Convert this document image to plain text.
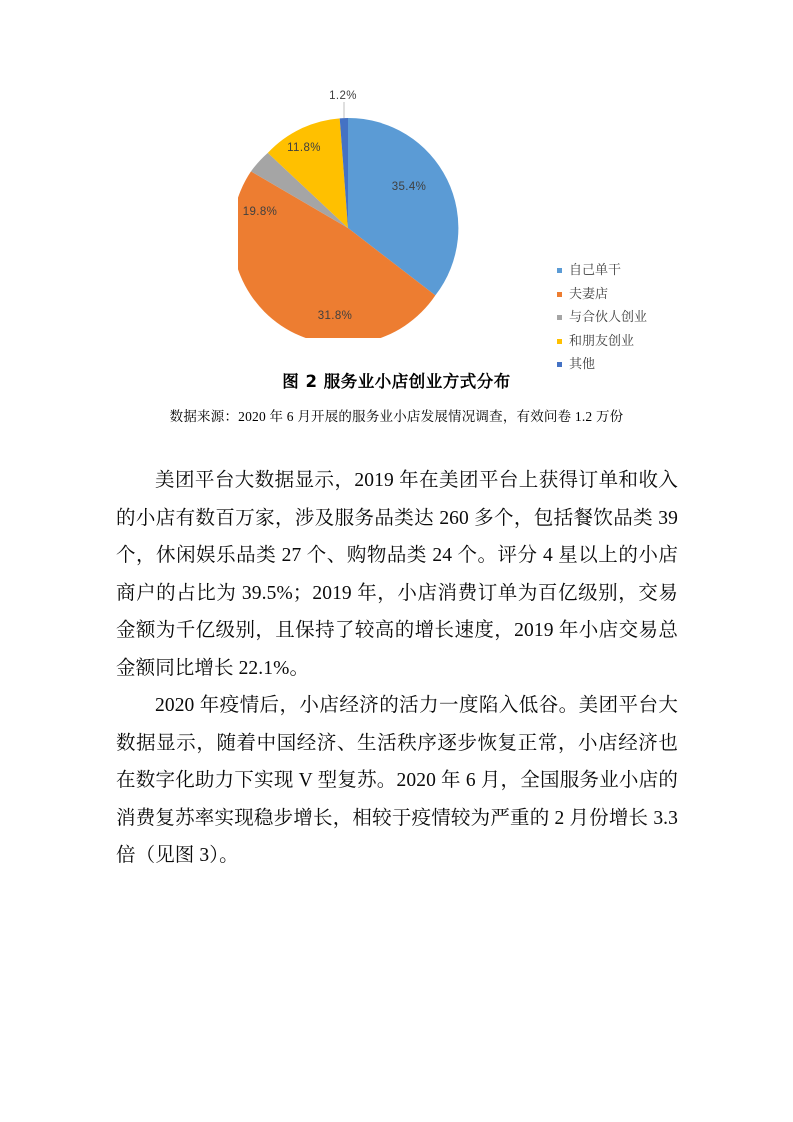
35.4%
31.8%
19.8%
11.8%
1.2%
自己单干
夫妻店
与合伙人创业
和朋友创业
其他
图 2 服务业小店创业方式分布
数据来源：2020 年 6 月开展的服务业小店发展情况调查，有效问卷 1.2 万份

美团平台大数据显示，2019 年在美团平台上获得订单和收入的小店有数百万家，涉及服务品类达 260 多个，包括餐饮品类 39 个，休闲娱乐品类 27 个、购物品类 24 个。评分 4 星以上的小店商户的占比为 39.5%；2019 年，小店消费订单为百亿级别，交易金额为千亿级别，且保持了较高的增长速度，2019 年小店交易总金额同比增长 22.1%。

2020 年疫情后，小店经济的活力一度陷入低谷。美团平台大数据显示，随着中国经济、生活秩序逐步恢复正常，小店经济也在数字化助力下实现 V 型复苏。2020 年 6 月，全国服务业小店的消费复苏率实现稳步增长，相较于疫情较为严重的 2 月份增长 3.3 倍（见图 3）。
